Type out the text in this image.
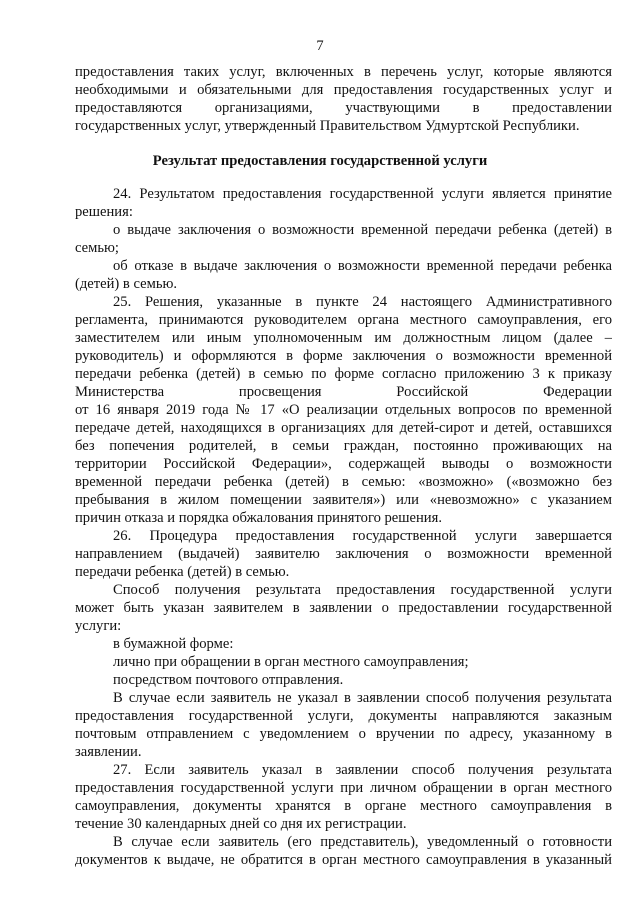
7
предоставления таких услуг, включенных в перечень услуг, которые являются
необходимыми и обязательными для предоставления государственных услуг и
предоставляются организациями, участвующими в предоставлении
государственных услуг, утвержденный Правительством Удмуртской Республики.
Результат предоставления государственной услуги
24. Результатом предоставления государственной услуги является принятие
решения:
о выдаче заключения о возможности временной передачи ребенка (детей) в
семью;
об отказе в выдаче заключения о возможности временной передачи ребенка
(детей) в семью.
25. Решения, указанные в пункте 24 настоящего Административного
регламента, принимаются руководителем органа местного самоуправления, его
заместителем или иным уполномоченным им должностным лицом (далее –
руководитель) и оформляются в форме заключения о возможности временной
передачи ребенка (детей) в семью по форме согласно приложению 3 к приказу
Министерства просвещения Российской Федерации
от 16 января 2019 года № 17 «О реализации отдельных вопросов по временной
передаче детей, находящихся в организациях для детей-сирот и детей, оставшихся
без попечения родителей, в семьи граждан, постоянно проживающих на
территории Российской Федерации», содержащей выводы о возможности
временной передачи ребенка (детей) в семью: «возможно» («возможно без
пребывания в жилом помещении заявителя») или «невозможно» с указанием
причин отказа и порядка обжалования принятого решения.
26. Процедура предоставления государственной услуги завершается
направлением (выдачей) заявителю заключения о возможности временной
передачи ребенка (детей) в семью.
Способ получения результата предоставления государственной услуги
может быть указан заявителем в заявлении о предоставлении государственной
услуги:
в бумажной форме:
лично при обращении в орган местного самоуправления;
посредством почтового отправления.
В случае если заявитель не указал в заявлении способ получения результата
предоставления государственной услуги, документы направляются заказным
почтовым отправлением с уведомлением о вручении по адресу, указанному в
заявлении.
27. Если заявитель указал в заявлении способ получения результата
предоставления государственной услуги при личном обращении в орган местного
самоуправления, документы хранятся в органе местного самоуправления в
течение 30 календарных дней со дня их регистрации.
В случае если заявитель (его представитель), уведомленный о готовности
документов к выдаче, не обратится в орган местного самоуправления в указанный
